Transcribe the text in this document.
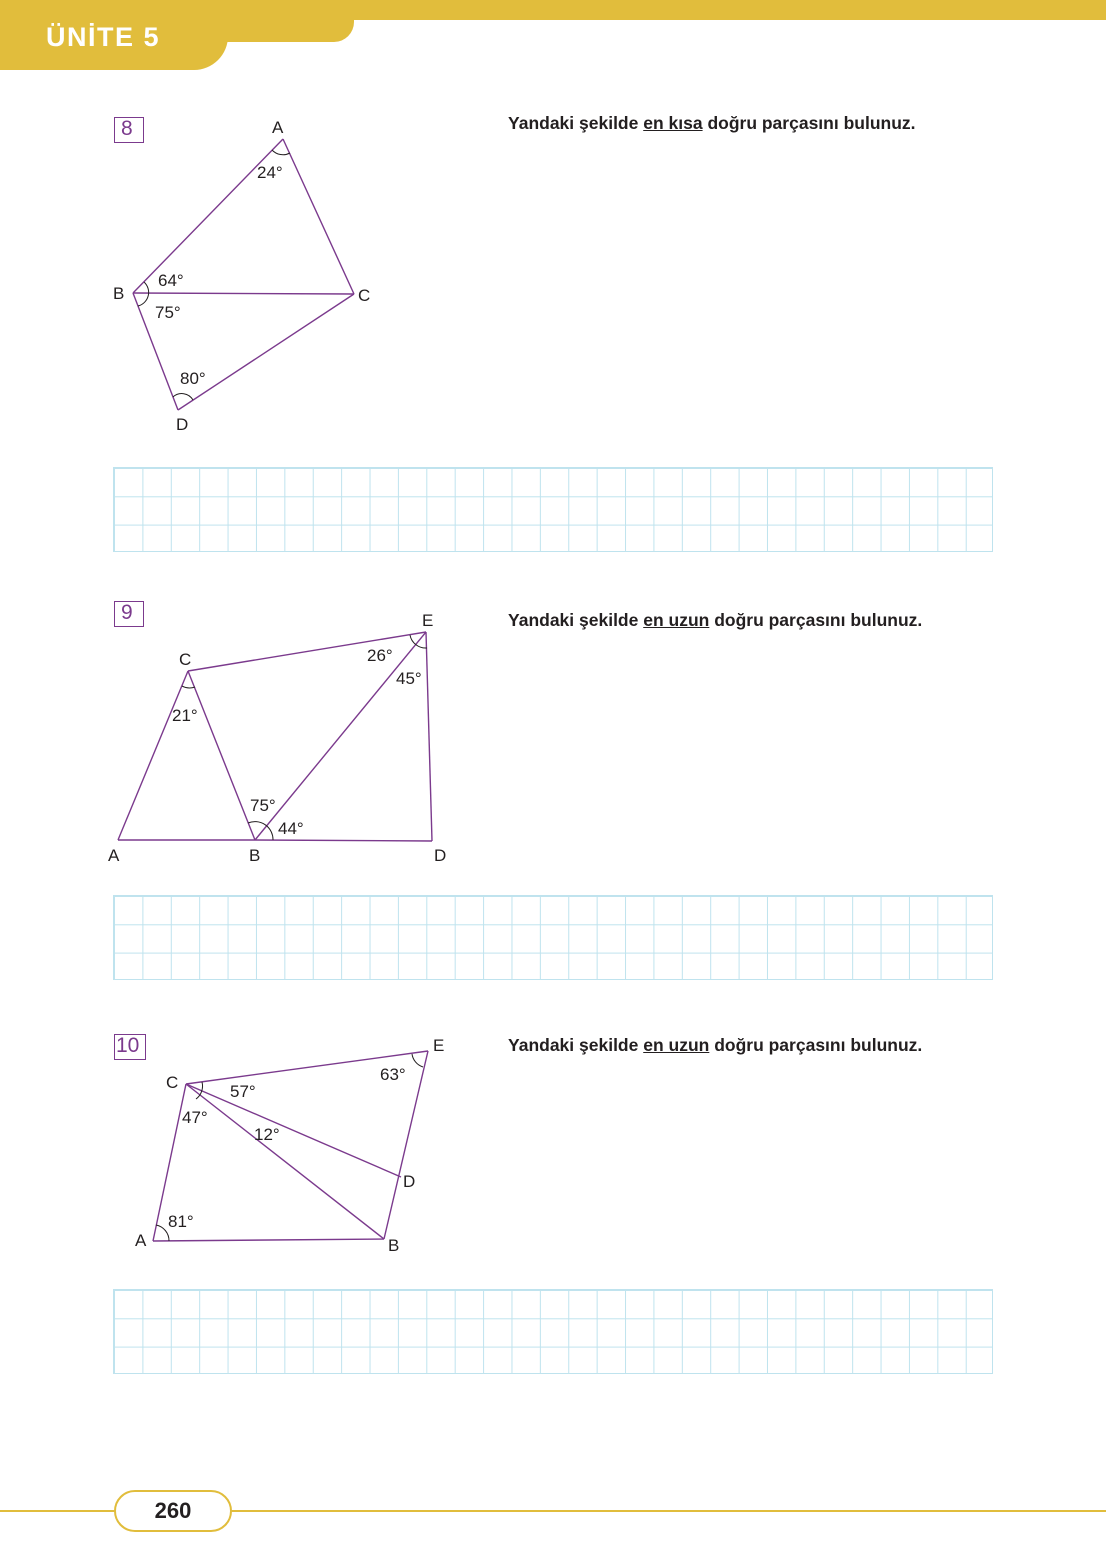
ÜNİTE 5
8	A
B	C
D
24°
64°
75°
80°
Yandaki şekilde en kısa doğru parçasını bulunuz.
9
A	B
C
D
E
26°
45°
21°
75°
44°
Yandaki şekilde en uzun doğru parçasını bulunuz.
10
A	B
C
D
E
57°
63°
47°
12°
81°
Yandaki şekilde en uzun doğru parçasını bulunuz.
260
